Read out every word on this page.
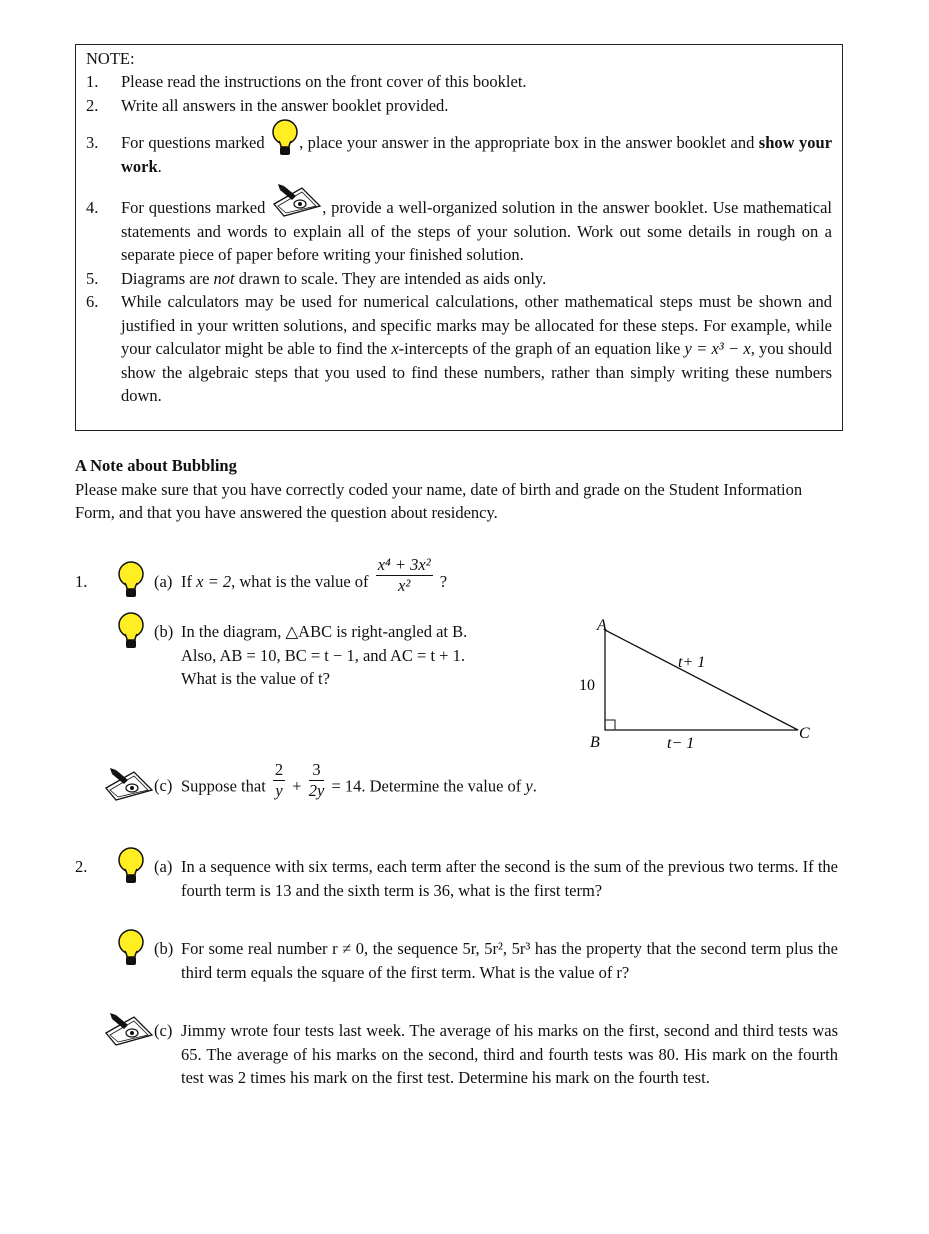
NOTE:
1.	Please read the instructions on the front cover of this booklet.
2.	Write all answers in the answer booklet provided.
3.	For questions marked , place your answer in the appropriate box in the answer booklet and show your work.
4.	For questions marked	, provide a well-organized solution in the answer booklet. Use mathematical statements and words to explain all of the steps of your solution. Work out some details in rough on a separate piece of paper before writing your finished solution.
5.	Diagrams are not drawn to scale. They are intended as aids only.
6.	While calculators may be used for numerical calculations, other mathematical steps must be shown and justified in your written solutions, and specific marks may be allocated for these steps. For example, while your calculator might be able to find the x-intercepts of the graph of an equation like y = x³ − x, you should show the algebraic steps that you used to find these numbers, rather than simply writing these numbers down.
A Note about Bubbling
Please make sure that you have correctly coded your name, date of birth and grade on the Student Information Form, and that you have answered the question about residency.
1.	(a) If x = 2, what is the value of $\frac{\text{x⁴ + 3x²}}{\text{x²}}$ ?
(b) In the diagram, △ABC is right-angled at B.
Also, AB = 10, BC = t − 1, and AC = t + 1.
What is the value of t?
A
B
C
10
t− 1
t+ 1
(c) Suppose that $\frac{2}{y} + \frac{3}{2y} = 14$. Determine the value of y.
2.	(a) In a sequence with six terms, each term after the second is the sum of the previous two terms. If the fourth term is 13 and the sixth term is 36, what is the first term?
(b) For some real number r ≠ 0, the sequence 5r, 5r², 5r³ has the property that the second term plus the third term equals the square of the first term. What is the value of r?
(c) Jimmy wrote four tests last week. The average of his marks on the first, second and third tests was 65. The average of his marks on the second, third and fourth tests was 80. His mark on the fourth test was 2 times his mark on the first test. Determine his mark on the fourth test.
